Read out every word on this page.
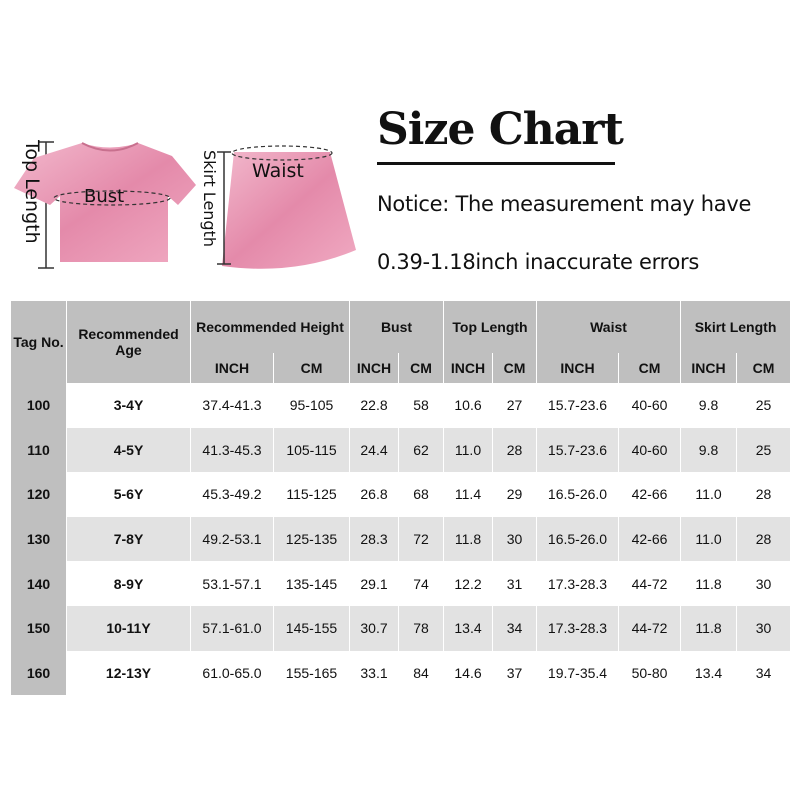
Top Length	Skirt Length
Bust
Waist
Size Chart
Notice: The measurement may have
0.39-1.18inch inaccurate errors
Tag No.	Recommended Age	Recommended Height		Bust		Top Length		Waist		Skirt Length	
		INCH	CM	INCH	CM	INCH	CM	INCH	CM	INCH	CM
100	3-4Y	37.4-41.3	95-105	22.8	58	10.6	27	15.7-23.6	40-60	9.8	25
110	4-5Y	41.3-45.3	105-115	24.4	62	11.0	28	15.7-23.6	40-60	9.8	25
120	5-6Y	45.3-49.2	115-125	26.8	68	11.4	29	16.5-26.0	42-66	11.0	28
130	7-8Y	49.2-53.1	125-135	28.3	72	11.8	30	16.5-26.0	42-66	11.0	28
140	8-9Y	53.1-57.1	135-145	29.1	74	12.2	31	17.3-28.3	44-72	11.8	30
150	10-11Y	57.1-61.0	145-155	30.7	78	13.4	34	17.3-28.3	44-72	11.8	30
160	12-13Y	61.0-65.0	155-165	33.1	84	14.6	37	19.7-35.4	50-80	13.4	34
